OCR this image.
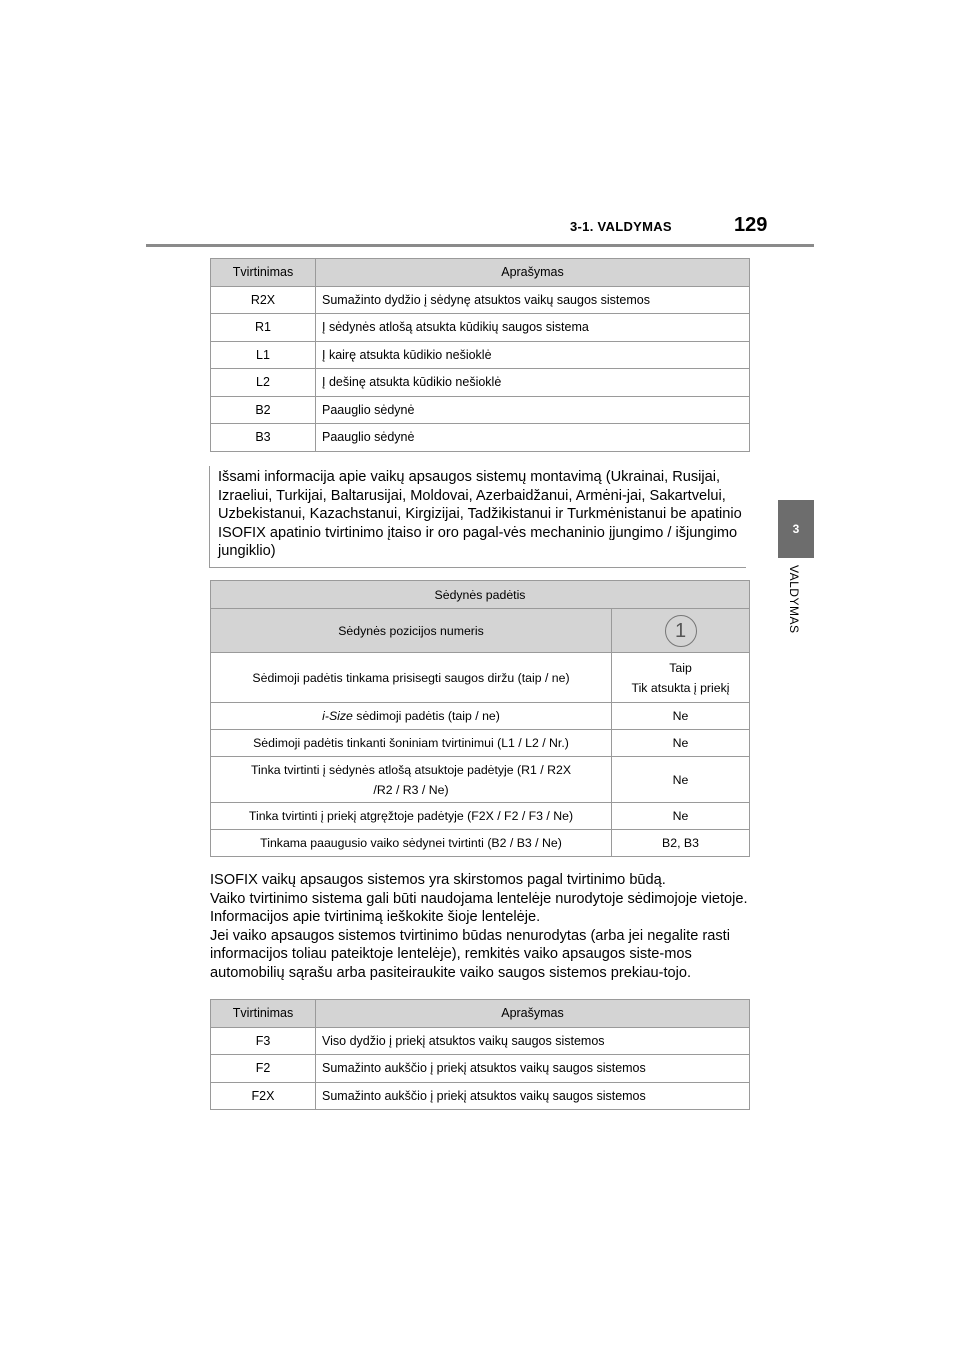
3-1. VALDYMAS	129
3
VALDYMAS
Tvirtinimas	Aprašymas
R2X	Sumažinto dydžio į sėdynę atsuktos vaikų saugos sistemos
R1	Į sėdynės atlošą atsukta kūdikių saugos sistema
L1	Į kairę atsukta kūdikio nešioklė
L2	Į dešinę atsukta kūdikio nešioklė
B2	Paauglio sėdynė
B3	Paauglio sėdynė
Išsami informacija apie vaikų apsaugos sistemų montavimą (Ukrainai, Rusijai, Izraeliui, Turkijai, Baltarusijai, Moldovai, Azerbaidžanui, Armėni-jai, Sakartvelui, Uzbekistanui, Kazachstanui, Kirgizijai, Tadžikistanui ir Turkmėnistanui be apatinio ISOFIX apatinio tvirtinimo įtaiso ir oro pagal-vės mechaninio įjungimo / išjungimo jungiklio)
Sėdynės padėtis	
Sėdynės pozicijos numeris	1
Sėdimoji padėtis tinkama prisisegti saugos diržu (taip / ne)	Taip
Tik atsukta į priekį

i-Size sėdimoji padėtis (taip / ne)	Ne
Sėdimoji padėtis tinkanti šoniniam tvirtinimui (L1 / L2 / Nr.)	Ne

Tinka tvirtinti į sėdynės atlošą atsuktoje padėtyje (R1 / R2X
/R2 / R3 / Ne)	Ne
Tinka tvirtinti į priekį atgręžtoje padėtyje (F2X / F2 / F3 / Ne)	Ne
Tinkama paaugusio vaiko sėdynei tvirtinti (B2 / B3 / Ne)	B2, B3

ISOFIX vaikų apsaugos sistemos yra skirstomos pagal tvirtinimo būdą.

Vaiko tvirtinimo sistema gali būti naudojama lentelėje nurodytoje sėdimojoje vietoje. Informacijos apie tvirtinimą ieškokite šioje lentelėje.

Jei vaiko apsaugos sistemos tvirtinimo būdas nenurodytas (arba jei negalite rasti informacijos toliau pateiktoje lentelėje), remkitės vaiko apsaugos siste-mos automobilių sąrašu arba pasiteiraukite vaiko saugos sistemos prekiau-tojo.

Tvirtinimas	Aprašymas
F3	Viso dydžio į priekį atsuktos vaikų saugos sistemos
F2	Sumažinto aukščio į priekį atsuktos vaikų saugos sistemos
F2X	Sumažinto aukščio į priekį atsuktos vaikų saugos sistemos
